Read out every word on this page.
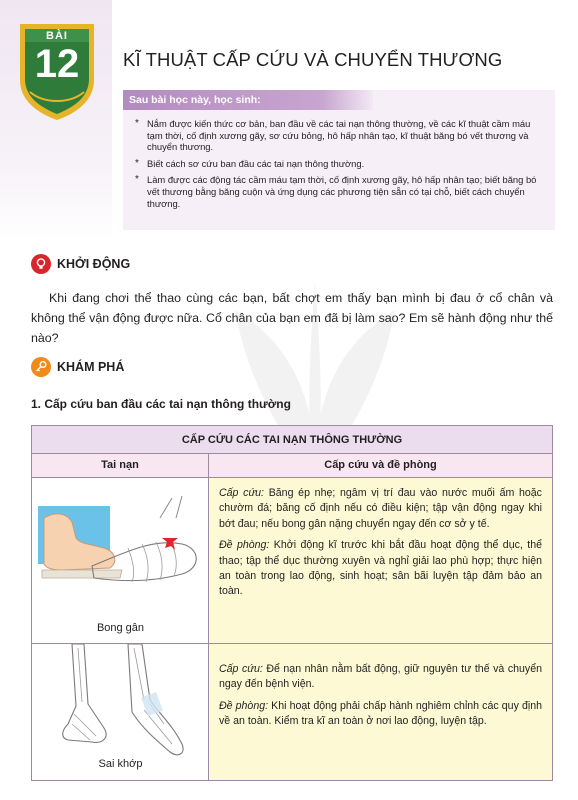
BÀI
12	KĨ THUẬT CẤP CỨU VÀ CHUYỂN THƯƠNG
Sau bài học này, học sinh:
* Nắm được kiến thức cơ bản, ban đầu về các tai nạn thông thường, về các kĩ thuật cầm máu tạm thời, cố định xương gãy, sơ cứu bỏng, hô hấp nhân tạo, kĩ thuật băng bó vết thương và chuyển thương.
* Biết cách sơ cứu ban đầu các tai nạn thông thường.
* Làm được các động tác cầm máu tạm thời, cố định xương gãy, hô hấp nhân tạo; biết băng bó vết thương bằng băng cuộn và ứng dụng các phương tiện sẵn có tại chỗ, biết cách chuyển thương.
KHỞI ĐỘNG
Khi đang chơi thể thao cùng các bạn, bất chợt em thấy bạn mình bị đau ở cổ chân và không thể vận động được nữa. Cổ chân của bạn em đã bị làm sao? Em sẽ hành động như thế nào?
KHÁM PHÁ
1. Cấp cứu ban đầu các tai nạn thông thường
CẤP CỨU CÁC TAI NẠN THÔNG THƯỜNG
Tai nạn	Cấp cứu và đề phòng
Bong gân

Cấp cứu: Băng ép nhẹ; ngâm vị trí đau vào nước muối ấm hoặc chườm đá; băng cố định nếu có điều kiện; tập vận động ngay khi bớt đau; nếu bong gân nặng chuyển ngay đến cơ sở y tế.

Đề phòng: Khởi động kĩ trước khi bắt đầu hoạt động thể dục, thể thao; tập thể dục thường xuyên và nghỉ giải lao phù hợp; thực hiện an toàn trong lao động, sinh hoạt; sân bãi luyện tập đảm bảo an toàn.

Sai khớp

Cấp cứu: Để nạn nhân nằm bất động, giữ nguyên tư thế và chuyển ngay đến bệnh viện.

Đề phòng: Khi hoạt động phải chấp hành nghiêm chỉnh các quy định về an toàn. Kiểm tra kĩ an toàn ở nơi lao động, luyện tập.
